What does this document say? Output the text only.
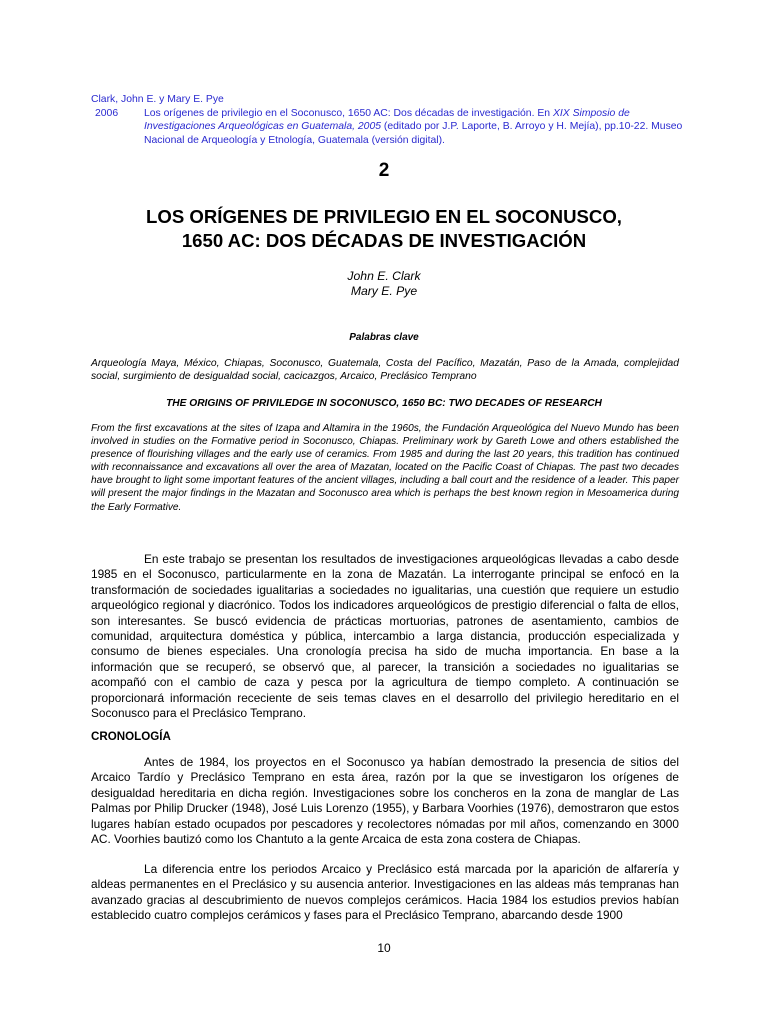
Clark, John E. y Mary E. Pye
2006	Los orígenes de privilegio en el Soconusco, 1650 AC: Dos décadas de investigación. En XIX Simposio de Investigaciones Arqueológicas en Guatemala, 2005 (editado por J.P. Laporte, B. Arroyo y H. Mejía), pp.10-22. Museo Nacional de Arqueología y Etnología, Guatemala (versión digital).
2
LOS ORÍGENES DE PRIVILEGIO EN EL SOCONUSCO,
1650 AC: DOS DÉCADAS DE INVESTIGACIÓN
John E. Clark
Mary E. Pye
Palabras clave

Arqueología Maya, México, Chiapas, Soconusco, Guatemala, Costa del Pacífico, Mazatán, Paso de la Amada, complejidad social, surgimiento de desigualdad social, cacicazgos, Arcaico, Preclásico Temprano

THE ORIGINS OF PRIVILEDGE IN SOCONUSCO, 1650 BC: TWO DECADES OF RESEARCH

From the first excavations at the sites of Izapa and Altamira in the 1960s, the Fundación Arqueológica del Nuevo Mundo has been involved in studies on the Formative period in Soconusco, Chiapas. Preliminary work by Gareth Lowe and others established the presence of flourishing villages and the early use of ceramics. From 1985 and during the last 20 years, this tradition has continued with reconnaissance and excavations all over the area of Mazatan, located on the Pacific Coast of Chiapas. The past two decades have brought to light some important features of the ancient villages, including a ball court and the residence of a leader. This paper will present the major findings in the Mazatan and Soconusco area which is perhaps the best known region in Mesoamerica during the Early Formative.

En este trabajo se presentan los resultados de investigaciones arqueológicas llevadas a cabo desde 1985 en el Soconusco, particularmente en la zona de Mazatán. La interrogante principal se enfocó en la transformación de sociedades igualitarias a sociedades no igualitarias, una cuestión que requiere un estudio arqueológico regional y diacrónico. Todos los indicadores arqueológicos de prestigio diferencial o falta de ellos, son interesantes. Se buscó evidencia de prácticas mortuorias, patrones de asentamiento, cambios de comunidad, arquitectura doméstica y pública, intercambio a larga distancia, producción especializada y consumo de bienes especiales. Una cronología precisa ha sido de mucha importancia. En base a la información que se recuperó, se observó que, al parecer, la transición a sociedades no igualitarias se acompañó con el cambio de caza y pesca por la agricultura de tiempo completo. A continuación se proporcionará información receciente de seis temas claves en el desarrollo del privilegio hereditario en el Soconusco para el Preclásico Temprano.

CRONOLOGÍA

Antes de 1984, los proyectos en el Soconusco ya habían demostrado la presencia de sitios del Arcaico Tardío y Preclásico Temprano en esta área, razón por la que se investigaron los orígenes de desigualdad hereditaria en dicha región. Investigaciones sobre los concheros en la zona de manglar de Las Palmas por Philip Drucker (1948), José Luis Lorenzo (1955), y Barbara Voorhies (1976), demostraron que estos lugares habían estado ocupados por pescadores y recolectores nómadas por mil años, comenzando en 3000 AC. Voorhies bautizó como los Chantuto a la gente Arcaica de esta zona costera de Chiapas.

La diferencia entre los periodos Arcaico y Preclásico está marcada por la aparición de alfarería y aldeas permanentes en el Preclásico y su ausencia anterior. Investigaciones en las aldeas más tempranas han avanzado gracias al descubrimiento de nuevos complejos cerámicos. Hacia 1984 los estudios previos habían establecido cuatro complejos cerámicos y fases para el Preclásico Temprano, abarcando desde 1900

10
